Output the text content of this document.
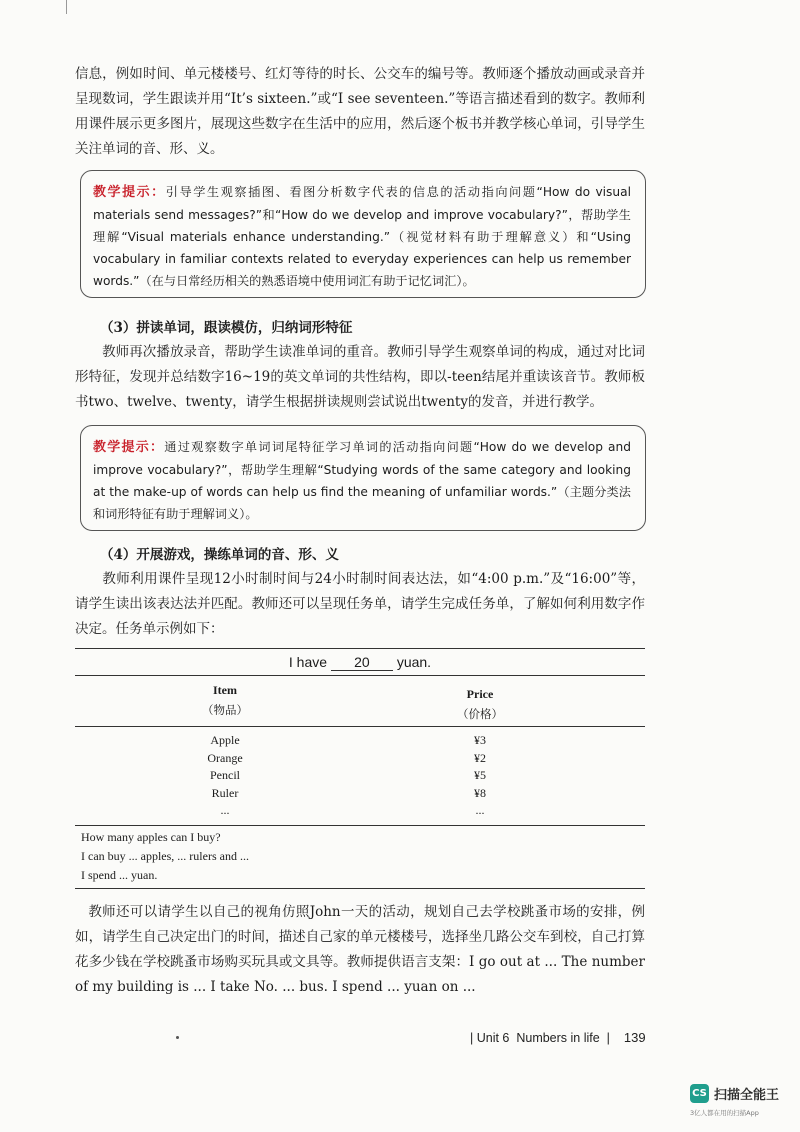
信息，例如时间、单元楼楼号、红灯等待的时长、公交车的编号等。教师逐个播放动画或录音并呈现数词，学生跟读并用“It’s sixteen.”或“I see seventeen.”等语言描述看到的数字。教师利用课件展示更多图片，展现这些数字在生活中的应用，然后逐个板书并教学核心单词，引导学生关注单词的音、形、义。

教学提示：引导学生观察插图、看图分析数字代表的信息的活动指向问题“How do visual materials send messages?”和“How do we develop and improve vocabulary?”，帮助学生理解“Visual materials enhance understanding.”（视觉材料有助于理解意义）和“Using vocabulary in familiar contexts related to everyday experiences can help us remember words.”（在与日常经历相关的熟悉语境中使用词汇有助于记忆词汇）。

（3）拼读单词，跟读模仿，归纳词形特征

教师再次播放录音，帮助学生读准单词的重音。教师引导学生观察单词的构成，通过对比词形特征，发现并总结数字16~19的英文单词的共性结构，即以-teen结尾并重读该音节。教师板书two、twelve、twenty，请学生根据拼读规则尝试说出twenty的发音，并进行教学。

教学提示：通过观察数字单词词尾特征学习单词的活动指向问题“How do we develop and improve vocabulary?”，帮助学生理解“Studying words of the same category and looking at the make-up of words can help us find the meaning of unfamiliar words.”（主题分类法和词形特征有助于理解词义）。

（4）开展游戏，操练单词的音、形、义

教师利用课件呈现12小时制时间与24小时制时间表达法，如“4:00 p.m.”及“16:00”等，请学生读出该表达法并匹配。教师还可以呈现任务单，请学生完成任务单，了解如何利用数字作决定。任务单示例如下：

I have 20 yuan.
Item
（物品）
Price
（价格）
Apple
Orange
Pencil
Ruler
...
¥3
¥2
¥5
¥8
...
How many apples can I buy?
I can buy ... apples, ... rulers and ...
I spend ... yuan.

教师还可以请学生以自己的视角仿照John一天的活动，规划自己去学校跳蚤市场的安排，例如，请学生自己决定出门的时间，描述自己家的单元楼楼号，选择坐几路公交车到校，自己打算花多少钱在学校跳蚤市场购买玩具或文具等。教师提供语言支架：I go out at ... The number of my building is ... I take No. ... bus. I spend ... yuan on ...

| Unit 6 Numbers in life  | 139
CS 扫描全能王
3亿人都在用的扫描App
